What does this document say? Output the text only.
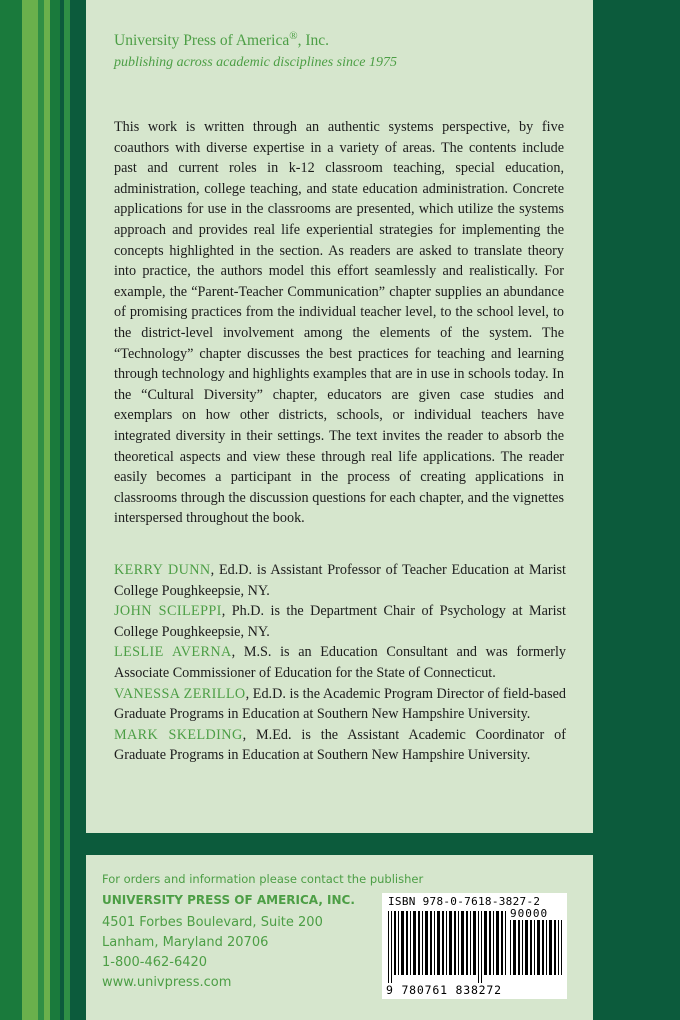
University Press of America®, Inc.
publishing across academic disciplines since 1975

This work is written through an authentic systems perspective, by five coauthors with diverse expertise in a variety of areas. The contents include past and current roles in k-12 classroom teaching, special education, administration, college teaching, and state education administration. Concrete applications for use in the classrooms are presented, which utilize the systems approach and provides real life experiential strategies for implementing the concepts highlighted in the section. As readers are asked to translate theory into practice, the authors model this effort seamlessly and realistically. For example, the “Parent-Teacher Communication” chapter supplies an abundance of promising practices from the individual teacher level, to the school level, to the district-level involvement among the elements of the system. The “Technology” chapter discusses the best practices for teaching and learning through technology and highlights examples that are in use in schools today. In the “Cultural Diversity” chapter, educators are given case studies and exemplars on how other districts, schools, or individual teachers have integrated diversity in their settings. The text invites the reader to absorb the theoretical aspects and view these through real life applications. The reader easily becomes a participant in the process of creating applications in classrooms through the discussion questions for each chapter, and the vignettes interspersed throughout the book.

KERRY DUNN, Ed.D. is Assistant Professor of Teacher Education at Marist College Poughkeepsie, NY.

JOHN SCILEPPI, Ph.D. is the Department Chair of Psychology at Marist College Poughkeepsie, NY.

LESLIE AVERNA, M.S. is an Education Consultant and was formerly Associate Commissioner of Education for the State of Connecticut.

VANESSA ZERILLO, Ed.D. is the Academic Program Director of field-based Graduate Programs in Education at Southern New Hampshire University.

MARK SKELDING, M.Ed. is the Assistant Academic Coordinator of Graduate Programs in Education at Southern New Hampshire University.

For orders and information please contact the publisher
UNIVERSITY PRESS OF AMERICA, INC.
4501 Forbes Boulevard, Suite 200
Lanham, Maryland 20706
1-800-462-6420
www.univpress.com
ISBN 978-0-7618-3827-2
90000
9 780761 838272
